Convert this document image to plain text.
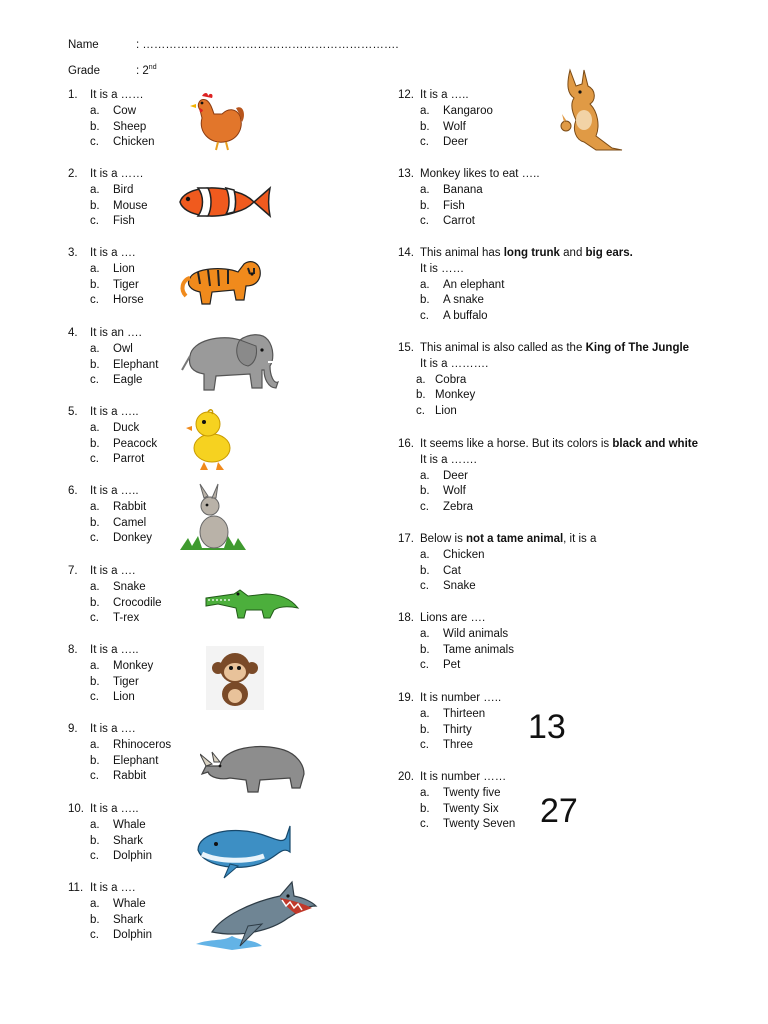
Name	: ………………………………………………………….
Grade	: 2nd
1. It is a ……
a. Cow
b. Sheep
c. Chicken
2. It is a ……
a. Bird
b. Mouse
c. Fish
3. It is a ….
a. Lion
b. Tiger
c. Horse
4. It is an ….
a. Owl
b. Elephant
c. Eagle
5. It is a …..
a. Duck
b. Peacock
c. Parrot
6. It is a …..
a. Rabbit
b. Camel
c. Donkey
7. It is a ….
a. Snake
b. Crocodile
c. T-rex
8. It is a …..
a. Monkey
b. Tiger
c. Lion
9. It is a ….
a. Rhinoceros
b. Elephant
c. Rabbit
10. It is a …..
a. Whale
b. Shark
c. Dolphin
11. It is a ….
a. Whale
b. Shark
c. Dolphin
12. It is a …..
a. Kangaroo
b. Wolf
c. Deer
13. Monkey likes to eat …..
a. Banana
b. Fish
c. Carrot
14. This animal has long trunk and big ears.
It is ……
a. An elephant
b. A snake
c. A buffalo
15. This animal is also called as the King of The Jungle
It is a ……….
a. Cobra
b. Monkey
c. Lion
16. It seems like a horse. But its colors is black and white
It is a …….
a. Deer
b. Wolf
c. Zebra
17. Below is not a tame animal, it is a
a. Chicken
b. Cat
c. Snake
18. Lions are ….
a. Wild animals
b. Tame animals
c. Pet
19. It is number …..
a. Thirteen
b. Thirty
c. Three	13
20. It is number ……
a. Twenty five
b. Twenty Six
c. Twenty Seven 27
